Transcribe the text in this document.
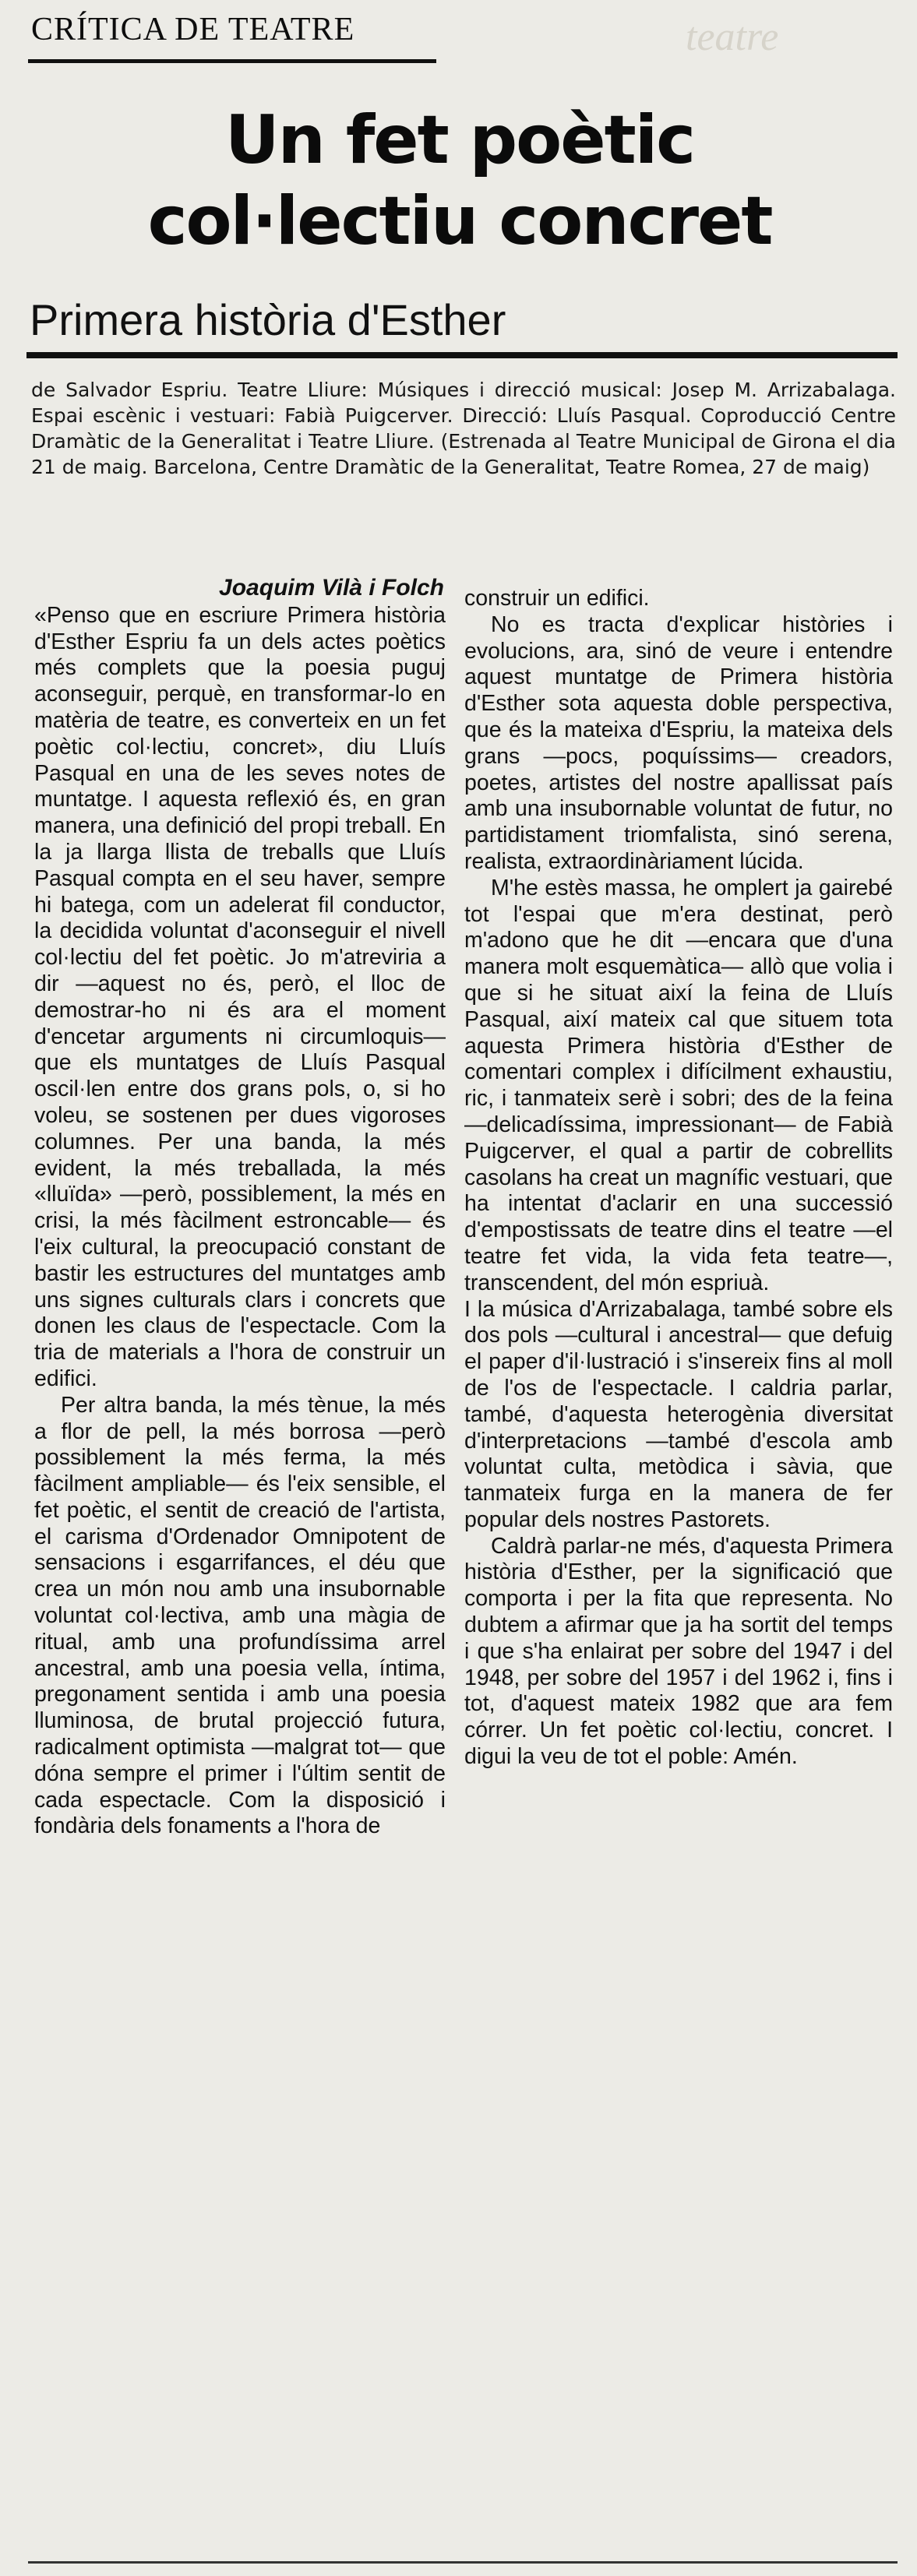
teatre
CRÍTICA DE TEATRE
Un fet poètic
col·lectiu concret
Primera història d'Esther
de Salvador Espriu. Teatre Lliure: Músiques i direcció musical: Josep M. Arrizabalaga. Espai escènic i vestuari: Fabià Puigcerver. Direcció: Lluís Pasqual. Coproducció Centre Dramàtic de la Generalitat i Teatre Lliure. (Estrenada al Teatre Municipal de Girona el dia 21 de maig. Barcelona, Centre Dramàtic de la Generalitat, Teatre Romea, 27 de maig)
Joaquim Vilà i Folch

«Penso que en escriure Primera història d'Esther Espriu fa un dels actes poètics més complets que la poesia puguj aconseguir, perquè, en transformar-lo en matèria de teatre, es converteix en un fet poètic col·lectiu, concret», diu Lluís Pasqual en una de les seves notes de muntatge. I aquesta reflexió és, en gran manera, una definició del propi treball. En la ja llarga llista de treballs que Lluís Pasqual compta en el seu haver, sempre hi batega, com un adelerat fil conductor, la decidida voluntat d'aconseguir el nivell col·lectiu del fet poètic. Jo m'atreviria a dir —aquest no és, però, el lloc de demostrar-ho ni és ara el moment d'encetar arguments ni circumloquis— que els muntatges de Lluís Pasqual oscil·len entre dos grans pols, o, si ho voleu, se sostenen per dues vigoroses columnes. Per una banda, la més evident, la més treballada, la més «lluïda» —però, possiblement, la més en crisi, la més fàcilment estroncable— és l'eix cultural, la preocupació constant de bastir les estructures del muntatges amb uns signes culturals clars i concrets que donen les claus de l'espectacle. Com la tria de materials a l'hora de construir un edifici.

Per altra banda, la més tènue, la més a flor de pell, la més borrosa —però possiblement la més ferma, la més fàcilment ampliable— és l'eix sensible, el fet poètic, el sentit de creació de l'artista, el carisma d'Ordenador Omnipotent de sensacions i esgarrifances, el déu que crea un món nou amb una insubornable voluntat col·lectiva, amb una màgia de ritual, amb una profundíssima arrel ancestral, amb una poesia vella, íntima, pregonament sentida i amb una poesia lluminosa, de brutal projecció futura, radicalment optimista —malgrat tot— que dóna sempre el primer i l'últim sentit de cada espectacle. Com la disposició i fondària dels fonaments a l'hora de

construir un edifici.

No es tracta d'explicar històries i evolucions, ara, sinó de veure i entendre aquest muntatge de Primera història d'Esther sota aquesta doble perspectiva, que és la mateixa d'Espriu, la mateixa dels grans —pocs, poquíssims— creadors, poetes, artistes del nostre apallissat país amb una insubornable voluntat de futur, no partidistament triomfalista, sinó serena, realista, extraordinàriament lúcida.

M'he estès massa, he omplert ja gairebé tot l'espai que m'era destinat, però m'adono que he dit —encara que d'una manera molt esquemàtica— allò que volia i que si he situat així la feina de Lluís Pasqual, així mateix cal que situem tota aquesta Primera història d'Esther de comentari complex i difícilment exhaustiu, ric, i tanmateix serè i sobri; des de la feina —delicadíssima, impressionant— de Fabià Puigcerver, el qual a partir de cobrellits casolans ha creat un magnífic vestuari, que ha intentat d'aclarir en una successió d'empostissats de teatre dins el teatre —el teatre fet vida, la vida feta teatre—, transcendent, del món espriuà.

I la música d'Arrizabalaga, també sobre els dos pols —cultural i ancestral— que defuig el paper d'il·lustració i s'insereix fins al moll de l'os de l'espectacle. I caldria parlar, també, d'aquesta heterogènia diversitat d'interpretacions —també d'escola amb voluntat culta, metòdica i sàvia, que tanmateix furga en la manera de fer popular dels nostres Pastorets.

Caldrà parlar-ne més, d'aquesta Primera història d'Esther, per la significació que comporta i per la fita que representa. No dubtem a afirmar que ja ha sortit del temps i que s'ha enlairat per sobre del 1947 i del 1948, per sobre del 1957 i del 1962 i, fins i tot, d'aquest mateix 1982 que ara fem córrer. Un fet poètic col·lectiu, concret. I digui la veu de tot el poble: Amén.
